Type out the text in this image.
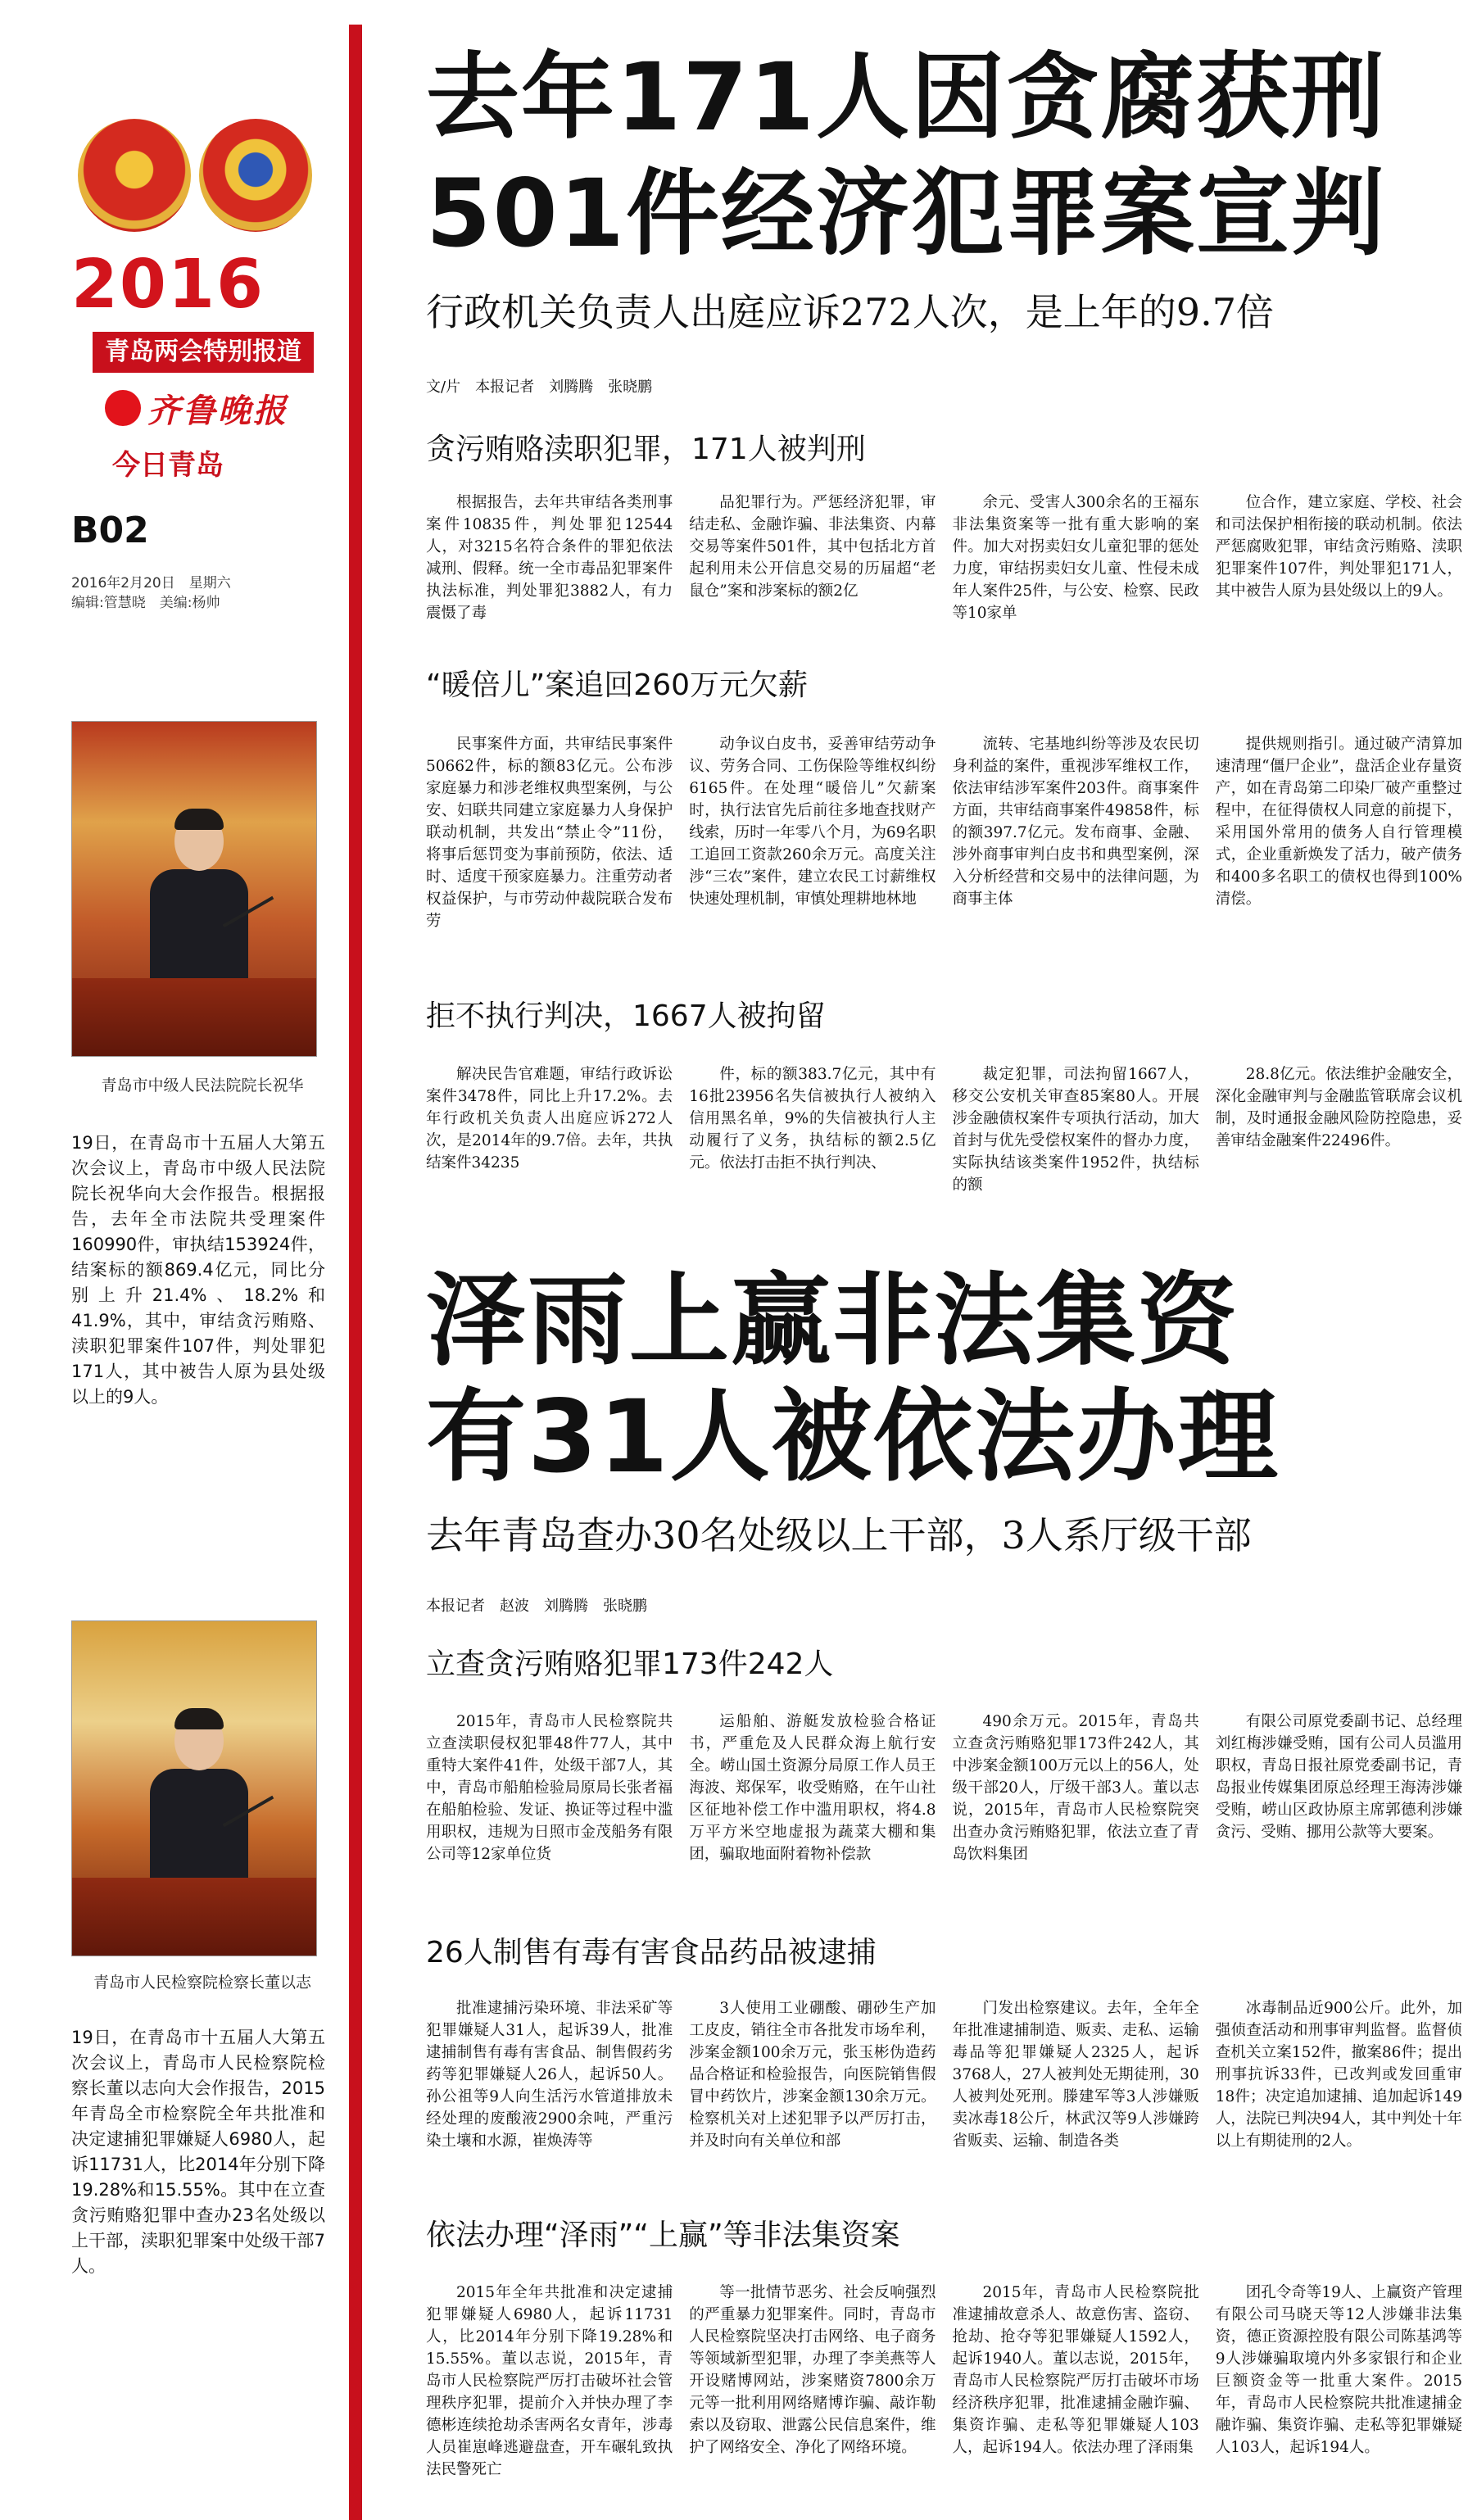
2016
青岛两会特别报道
齐鲁晚报
今日青岛
B02
2016年2月20日　星期六
编辑:管慧晓　美编:杨帅
青岛市中级人民法院院长祝华
19日，在青岛市十五届人大第五次会议上，青岛市中级人民法院院长祝华向大会作报告。根据报告，去年全市法院共受理案件160990件，审执结153924件，结案标的额869.4亿元，同比分别上升21.4%、18.2%和41.9%，其中，审结贪污贿赂、渎职犯罪案件107件，判处罪犯171人，其中被告人原为县处级以上的9人。
青岛市人民检察院检察长董以志
19日，在青岛市十五届人大第五次会议上，青岛市人民检察院检察长董以志向大会作报告，2015年青岛全市检察院全年共批准和决定逮捕犯罪嫌疑人6980人，起诉11731人，比2014年分别下降19.28%和15.55%。其中在立查贪污贿赂犯罪中查办23名处级以上干部，渎职犯罪案中处级干部7人。
去年171人因贪腐获刑
501件经济犯罪案宣判
行政机关负责人出庭应诉272人次，是上年的9.7倍
文/片　本报记者　刘腾腾　张晓鹏
贪污贿赂渎职犯罪，171人被判刑
根据报告，去年共审结各类刑事案件10835件，判处罪犯12544人，对3215名符合条件的罪犯依法减刑、假释。统一全市毒品犯罪案件执法标准，判处罪犯3882人，有力震慑了毒
品犯罪行为。严惩经济犯罪，审结走私、金融诈骗、非法集资、内幕交易等案件501件，其中包括北方首起利用未公开信息交易的历届超“老鼠仓”案和涉案标的额2亿
余元、受害人300余名的王福东非法集资案等一批有重大影响的案件。加大对拐卖妇女儿童犯罪的惩处力度，审结拐卖妇女儿童、性侵未成年人案件25件，与公安、检察、民政等10家单
位合作，建立家庭、学校、社会和司法保护相衔接的联动机制。依法严惩腐败犯罪，审结贪污贿赂、渎职犯罪案件107件，判处罪犯171人，其中被告人原为县处级以上的9人。
“暖倍儿”案追回260万元欠薪
民事案件方面，共审结民事案件50662件，标的额83亿元。公布涉家庭暴力和涉老维权典型案例，与公安、妇联共同建立家庭暴力人身保护联动机制，共发出“禁止令”11份，将事后惩罚变为事前预防，依法、适时、适度干预家庭暴力。注重劳动者权益保护，与市劳动仲裁院联合发布劳
动争议白皮书，妥善审结劳动争议、劳务合同、工伤保险等维权纠纷6165件。在处理“暖倍儿”欠薪案时，执行法官先后前往多地查找财产线索，历时一年零八个月，为69名职工追回工资款260余万元。高度关注涉“三农”案件，建立农民工讨薪维权快速处理机制，审慎处理耕地林地
流转、宅基地纠纷等涉及农民切身利益的案件，重视涉军维权工作，依法审结涉军案件203件。商事案件方面，共审结商事案件49858件，标的额397.7亿元。发布商事、金融、涉外商事审判白皮书和典型案例，深入分析经营和交易中的法律问题，为商事主体
提供规则指引。通过破产清算加速清理“僵尸企业”，盘活企业存量资产，如在青岛第二印染厂破产重整过程中，在征得债权人同意的前提下，采用国外常用的债务人自行管理模式，企业重新焕发了活力，破产债务和400多名职工的债权也得到100%清偿。
拒不执行判决，1667人被拘留
解决民告官难题，审结行政诉讼案件3478件，同比上升17.2%。去年行政机关负责人出庭应诉272人次，是2014年的9.7倍。去年，共执结案件34235
件，标的额383.7亿元，其中有16批23956名失信被执行人被纳入信用黑名单，9%的失信被执行人主动履行了义务，执结标的额2.5亿元。依法打击拒不执行判决、
裁定犯罪，司法拘留1667人，移交公安机关审查85案80人。开展涉金融债权案件专项执行活动，加大首封与优先受偿权案件的督办力度，实际执结该类案件1952件，执结标的额
28.8亿元。依法维护金融安全，深化金融审判与金融监管联席会议机制，及时通报金融风险防控隐患，妥善审结金融案件22496件。
泽雨上赢非法集资
有31人被依法办理
去年青岛查办30名处级以上干部，3人系厅级干部
本报记者　赵波　刘腾腾　张晓鹏
立查贪污贿赂犯罪173件242人
2015年，青岛市人民检察院共立查渎职侵权犯罪48件77人，其中重特大案件41件，处级干部7人，其中，青岛市船舶检验局原局长张者福在船舶检验、发证、换证等过程中滥用职权，违规为日照市金茂船务有限公司等12家单位货
运船舶、游艇发放检验合格证书，严重危及人民群众海上航行安全。崂山国土资源分局原工作人员王海波、郑保军，收受贿赂，在午山社区征地补偿工作中滥用职权，将4.8万平方米空地虚报为蔬菜大棚和集团，骗取地面附着物补偿款
490余万元。2015年，青岛共立查贪污贿赂犯罪173件242人，其中涉案金额100万元以上的56人，处级干部20人，厅级干部3人。董以志说，2015年，青岛市人民检察院突出查办贪污贿赂犯罪，依法立查了青岛饮料集团
有限公司原党委副书记、总经理刘红梅涉嫌受贿，国有公司人员滥用职权，青岛日报社原党委副书记，青岛报业传媒集团原总经理王海涛涉嫌受贿，崂山区政协原主席郭德利涉嫌贪污、受贿、挪用公款等大要案。
26人制售有毒有害食品药品被逮捕
批准逮捕污染环境、非法采矿等犯罪嫌疑人31人，起诉39人，批准逮捕制售有毒有害食品、制售假药劣药等犯罪嫌疑人26人，起诉50人。孙公祖等9人向生活污水管道排放未经处理的废酸液2900余吨，严重污染土壤和水源，崔焕涛等
3人使用工业硼酸、硼砂生产加工皮皮，销往全市各批发市场牟利，涉案金额100余万元，张玉彬伪造药品合格证和检验报告，向医院销售假冒中药饮片，涉案金额130余万元。检察机关对上述犯罪予以严厉打击，并及时向有关单位和部
门发出检察建议。去年，全年全年批准逮捕制造、贩卖、走私、运输毒品等犯罪嫌疑人2325人，起诉3768人，27人被判处无期徒刑，30人被判处死刑。滕建军等3人涉嫌贩卖冰毒18公斤，林武汉等9人涉嫌跨省贩卖、运输、制造各类
冰毒制品近900公斤。此外，加强侦查活动和刑事审判监督。监督侦查机关立案152件，撤案86件；提出刑事抗诉33件，已改判或发回重审18件；决定追加逮捕、追加起诉149人，法院已判决94人，其中判处十年以上有期徒刑的2人。
依法办理“泽雨”“上赢”等非法集资案
2015年全年共批准和决定逮捕犯罪嫌疑人6980人，起诉11731人，比2014年分别下降19.28%和15.55%。董以志说，2015年，青岛市人民检察院严厉打击破坏社会管理秩序犯罪，提前介入并快办理了李德彬连续抢劫杀害两名女青年，涉毒人员崔崽峰逃避盘查，开车碾轧致执法民警死亡
等一批情节恶劣、社会反响强烈的严重暴力犯罪案件。同时，青岛市人民检察院坚决打击网络、电子商务等领域新型犯罪，办理了李美燕等人开设赌博网站，涉案赌资7800余万元等一批利用网络赌博诈骗、敲诈勒索以及窃取、泄露公民信息案件，维护了网络安全、净化了网络环境。
2015年，青岛市人民检察院批准逮捕故意杀人、故意伤害、盗窃、抢劫、抢夺等犯罪嫌疑人1592人，起诉1940人。董以志说，2015年，青岛市人民检察院严厉打击破坏市场经济秩序犯罪，批准逮捕金融诈骗、集资诈骗、走私等犯罪嫌疑人103人，起诉194人。依法办理了泽雨集
团孔令奇等19人、上赢资产管理有限公司马晓天等12人涉嫌非法集资，德正资源控股有限公司陈基鸿等9人涉嫌骗取境内外多家银行和企业巨额资金等一批重大案件。2015年，青岛市人民检察院共批准逮捕金融诈骗、集资诈骗、走私等犯罪嫌疑人103人，起诉194人。
